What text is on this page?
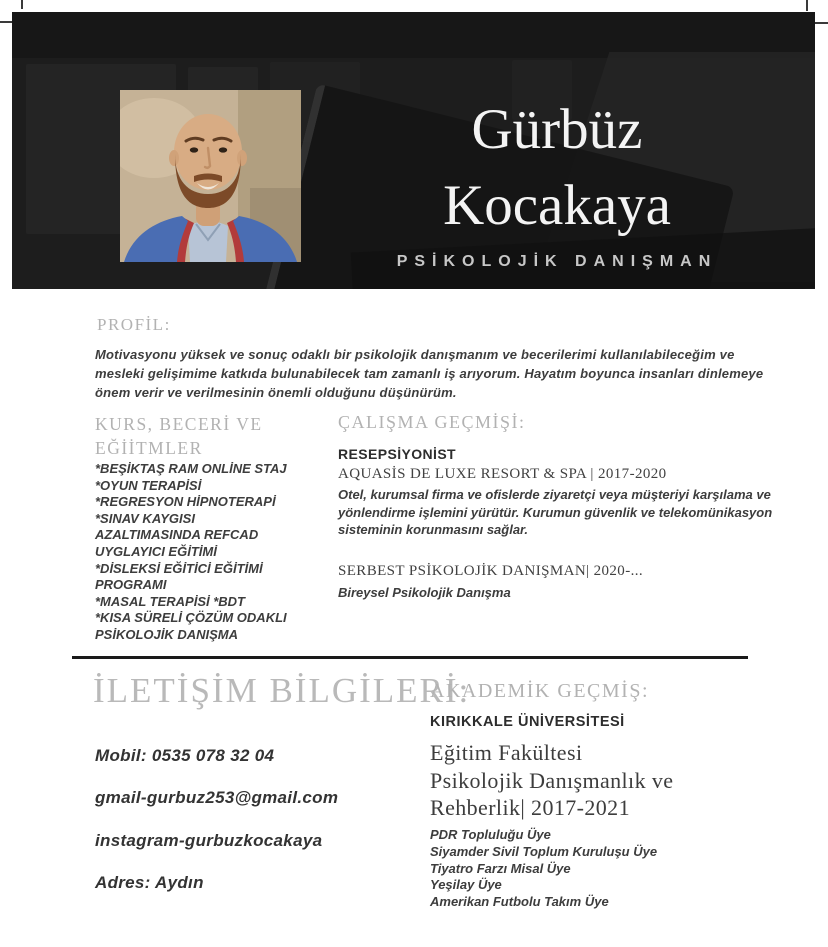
Gürbüz
Kocakaya
PSİKOLOJİK DANIŞMAN
PROFİL:

Motivasyonu yüksek ve sonuç odaklı bir psikolojik danışmanım ve becerilerimi kullanılabileceğim ve mesleki gelişimime katkıda bulunabilecek tam zamanlı iş arıyorum. Hayatım boyunca insanları dinlemeye önem verir ve verilmesinin önemli olduğunu düşünürüm.

KURS, BECERİ VE EĞİİTMLER
*BEŞİKTAŞ RAM ONLİNE STAJ
*OYUN TERAPİSİ
*REGRESYON HİPNOTERAPİ
*SINAV KAYGISI AZALTIMASINDA REFCAD UYGLAYICI EĞİTİMİ
*DİSLEKSİ EĞİTİCİ EĞİTİMİ PROGRAMI
*MASAL TERAPİSİ *BDT
*KISA SÜRELİ ÇÖZÜM ODAKLI PSİKOLOJİK DANIŞMA
ÇALIŞMA GEÇMİŞİ:
RESEPSİYONİST
AQUASİS DE LUXE RESORT & SPA | 2017-2020

Otel, kurumsal firma ve ofislerde ziyaretçi veya müşteriyi karşılama ve yönlendirme işlemini yürütür. Kurumun güvenlik ve telekomünikasyon sisteminin korunmasını sağlar.

SERBEST PSİKOLOJİK DANIŞMAN| 2020-...

Bireysel Psikolojik Danışma

İLETİŞİM BİLGİLERİ:
Mobil: 0535 078 32 04
gmail-gurbuz253@gmail.com
instagram-gurbuzkocakaya
Adres: Aydın
AKADEMİK GEÇMİŞ:
KIRIKKALE ÜNİVERSİTESİ
Eğitim Fakültesi
Psikolojik Danışmanlık ve
Rehberlik| 2017-2021
PDR Topluluğu Üye
Siyamder Sivil Toplum Kuruluşu Üye
Tiyatro Farzı Misal Üye
Yeşilay Üye
Amerikan Futbolu Takım Üye
